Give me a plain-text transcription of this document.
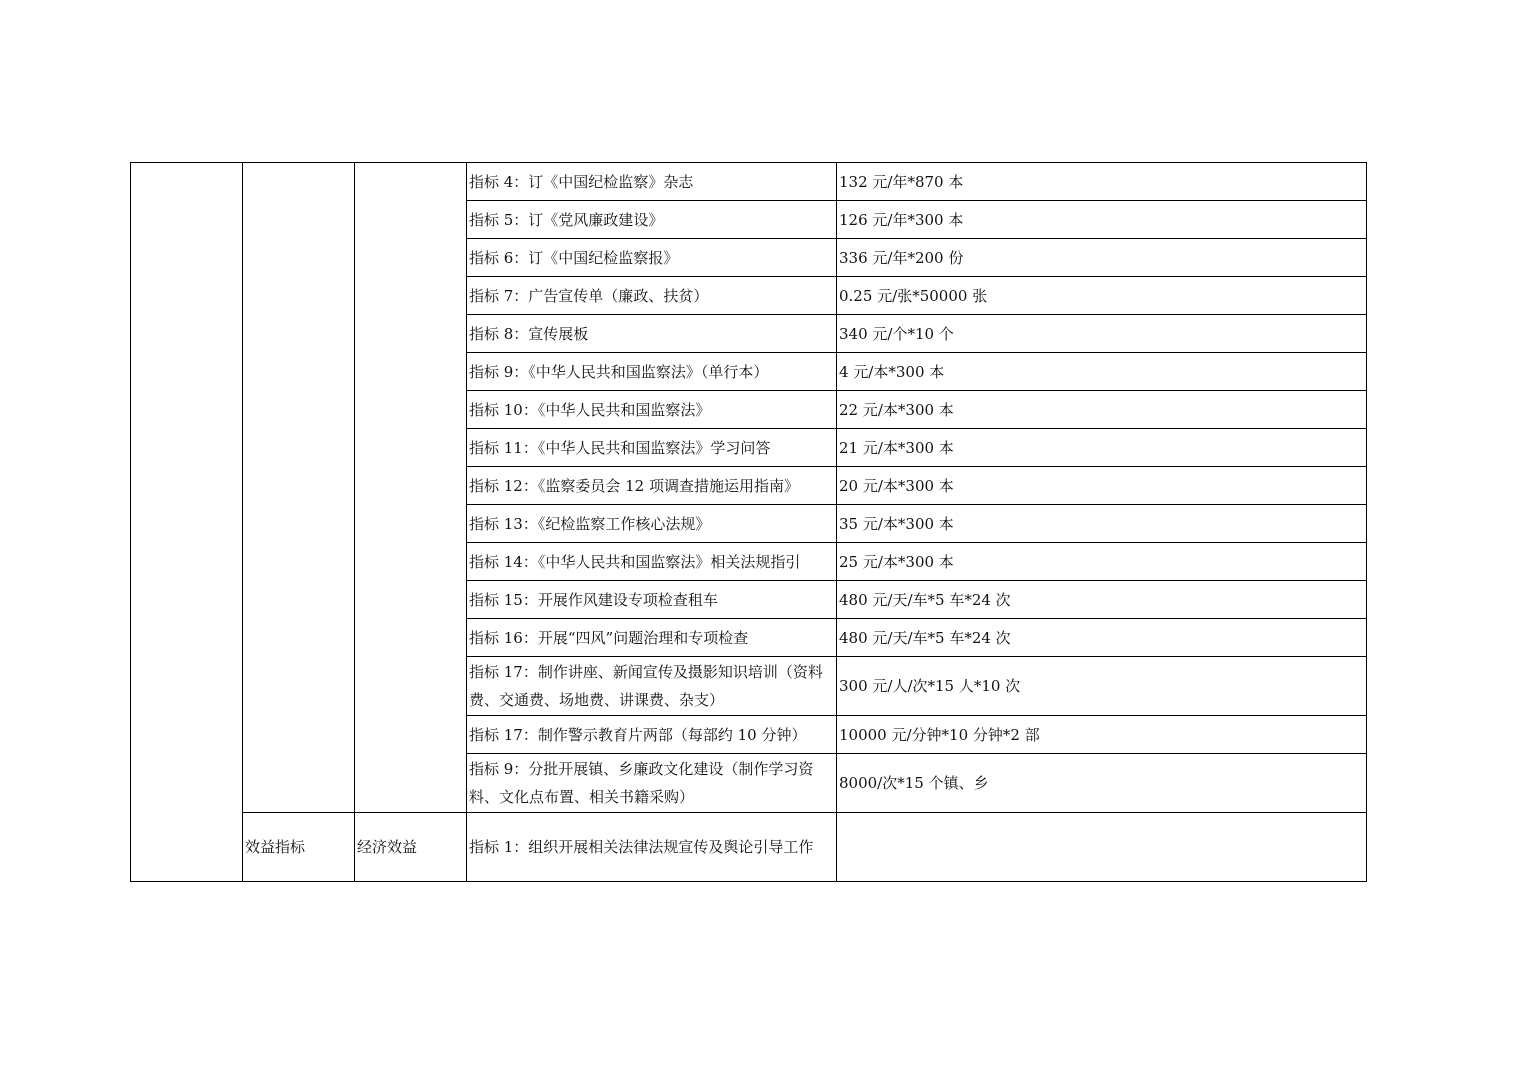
			指标 4：订《中国纪检监察》杂志	132 元/年*870 本
			指标 5：订《党风廉政建设》	126 元/年*300 本
			指标 6：订《中国纪检监察报》	336 元/年*200 份
			指标 7：广告宣传单（廉政、扶贫）	0.25 元/张*50000 张
			指标 8：宣传展板	340 元/个*10 个
			指标 9：《中华人民共和国监察法》（单行本）	4 元/本*300 本
			指标 10：《中华人民共和国监察法》	22 元/本*300 本
			指标 11：《中华人民共和国监察法》学习问答	21 元/本*300 本
			指标 12：《监察委员会 12 项调查措施运用指南》	20 元/本*300 本
			指标 13：《纪检监察工作核心法规》	35 元/本*300 本
			指标 14：《中华人民共和国监察法》相关法规指引	25 元/本*300 本
			指标 15：开展作风建设专项检查租车	480 元/天/车*5 车*24 次
			指标 16：开展“四风”问题治理和专项检查	480 元/天/车*5 车*24 次
			指标 17：制作讲座、新闻宣传及摄影知识培训（资料费、交通费、场地费、讲课费、杂支）	300 元/人/次*15 人*10 次
			指标 17：制作警示教育片两部（每部约 10 分钟）	10000 元/分钟*10 分钟*2 部
			指标 9：分批开展镇、乡廉政文化建设（制作学习资料、文化点布置、相关书籍采购）	8000/次*15 个镇、乡
	效益指标	经济效益	指标 1：组织开展相关法律法规宣传及舆论引导工作	
